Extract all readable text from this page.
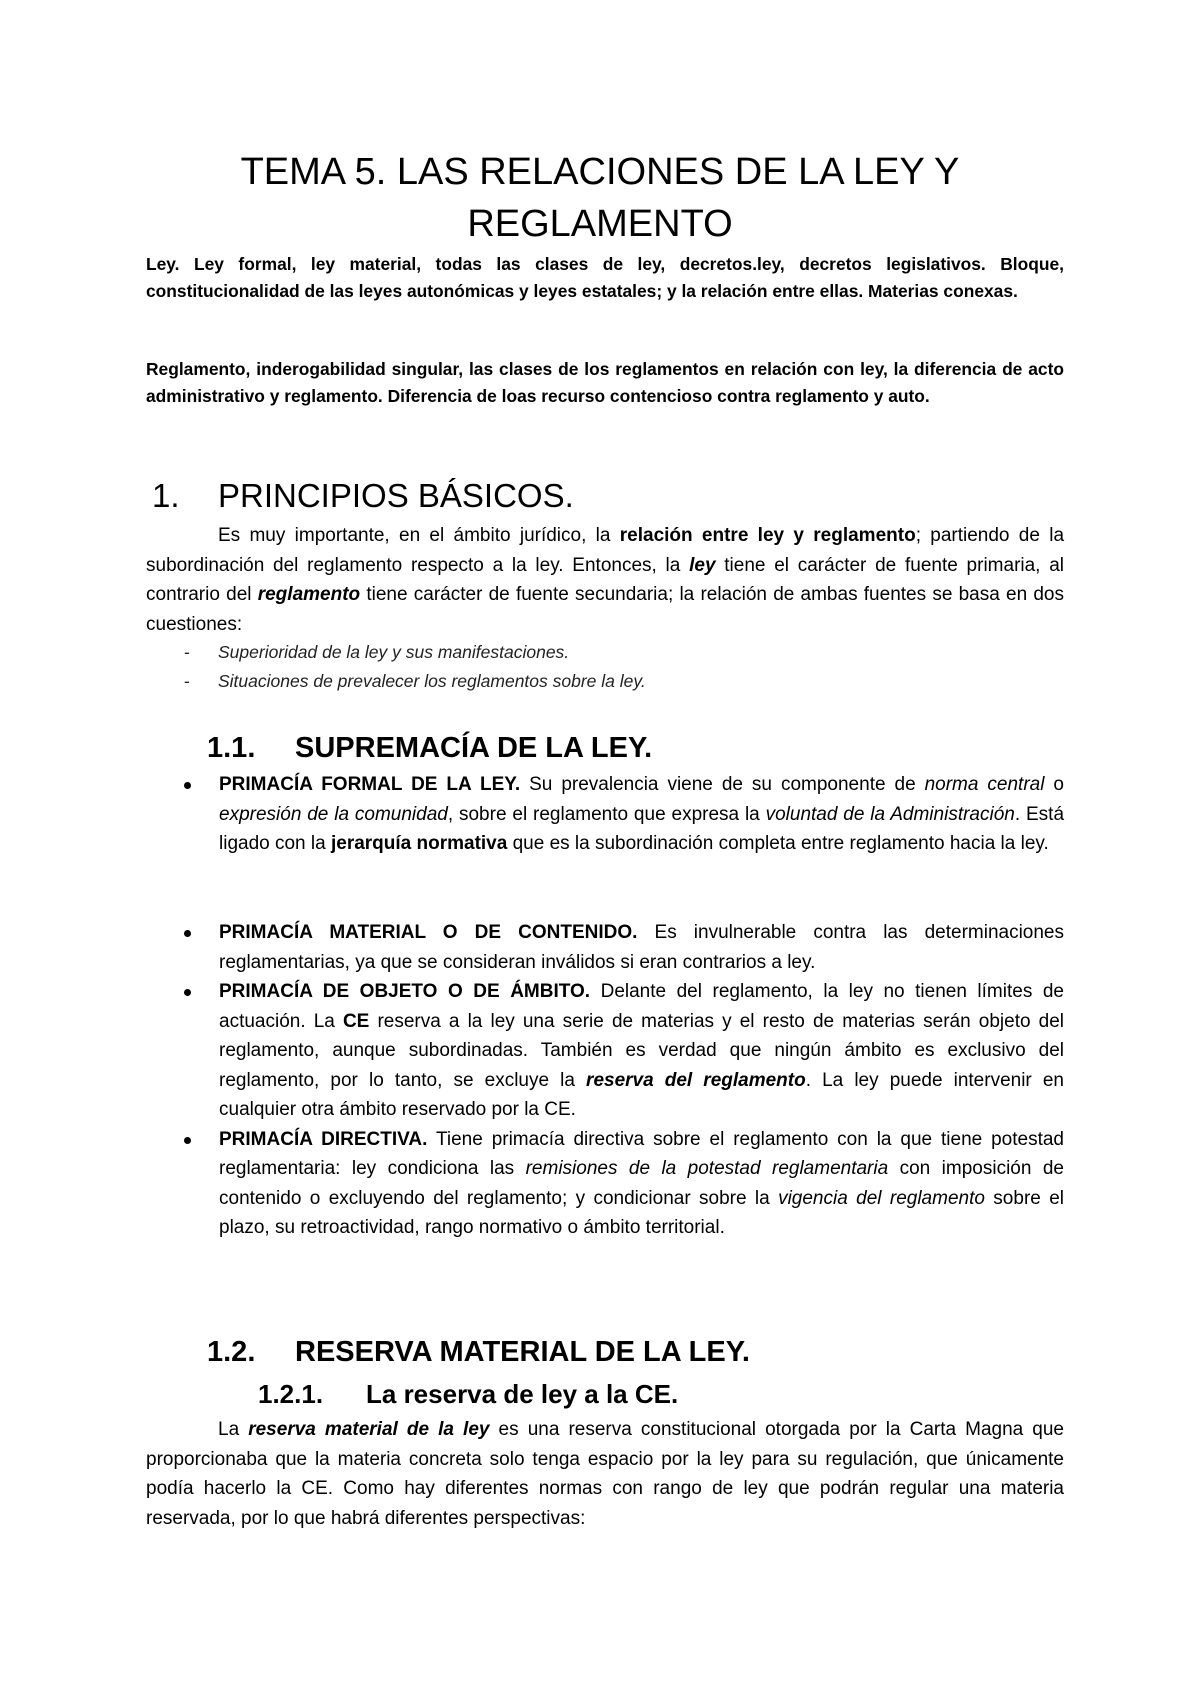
TEMA 5. LAS RELACIONES DE LA LEY Y
REGLAMENTO

Ley. Ley formal, ley material, todas las clases de ley, decretos.ley, decretos legislativos. Bloque, constitucionalidad de las leyes autonómicas y leyes estatales; y la relación entre ellas. Materias conexas.

Reglamento, inderogabilidad singular, las clases de los reglamentos en relación con ley, la diferencia de acto administrativo y reglamento. Diferencia de loas recurso contencioso contra reglamento y auto.

1. PRINCIPIOS BÁSICOS.

Es muy importante, en el ámbito jurídico, la relación entre ley y reglamento; partiendo de la subordinación del reglamento respecto a la ley. Entonces, la ley tiene el carácter de fuente primaria, al contrario del reglamento tiene carácter de fuente secundaria; la relación de ambas fuentes se basa en dos cuestiones:

- Superioridad de la ley y sus manifestaciones.
- Situaciones de prevalecer los reglamentos sobre la ley.
1.1. SUPREMACÍA DE LA LEY.
PRIMACÍA FORMAL DE LA LEY. Su prevalencia viene de su componente de norma central o expresión de la comunidad, sobre el reglamento que expresa la voluntad de la Administración. Está ligado con la jerarquía normativa que es la subordinación completa entre reglamento hacia la ley.
PRIMACÍA MATERIAL O DE CONTENIDO. Es invulnerable contra las determinaciones reglamentarias, ya que se consideran inválidos si eran contrarios a ley.
PRIMACÍA DE OBJETO O DE ÁMBITO. Delante del reglamento, la ley no tienen límites de actuación. La CE reserva a la ley una serie de materias y el resto de materias serán objeto del reglamento, aunque subordinadas. También es verdad que ningún ámbito es exclusivo del reglamento, por lo tanto, se excluye la reserva del reglamento. La ley puede intervenir en cualquier otra ámbito reservado por la CE.
PRIMACÍA DIRECTIVA. Tiene primacía directiva sobre el reglamento con la que tiene potestad reglamentaria: ley condiciona las remisiones de la potestad reglamentaria con imposición de contenido o excluyendo del reglamento; y condicionar sobre la vigencia del reglamento sobre el plazo, su retroactividad, rango normativo o ámbito territorial.
1.2. RESERVA MATERIAL DE LA LEY.
1.2.1. La reserva de ley a la CE.

La reserva material de la ley es una reserva constitucional otorgada por la Carta Magna que proporcionaba que la materia concreta solo tenga espacio por la ley para su regulación, que únicamente podía hacerlo la CE. Como hay diferentes normas con rango de ley que podrán regular una materia reservada, por lo que habrá diferentes perspectivas:
